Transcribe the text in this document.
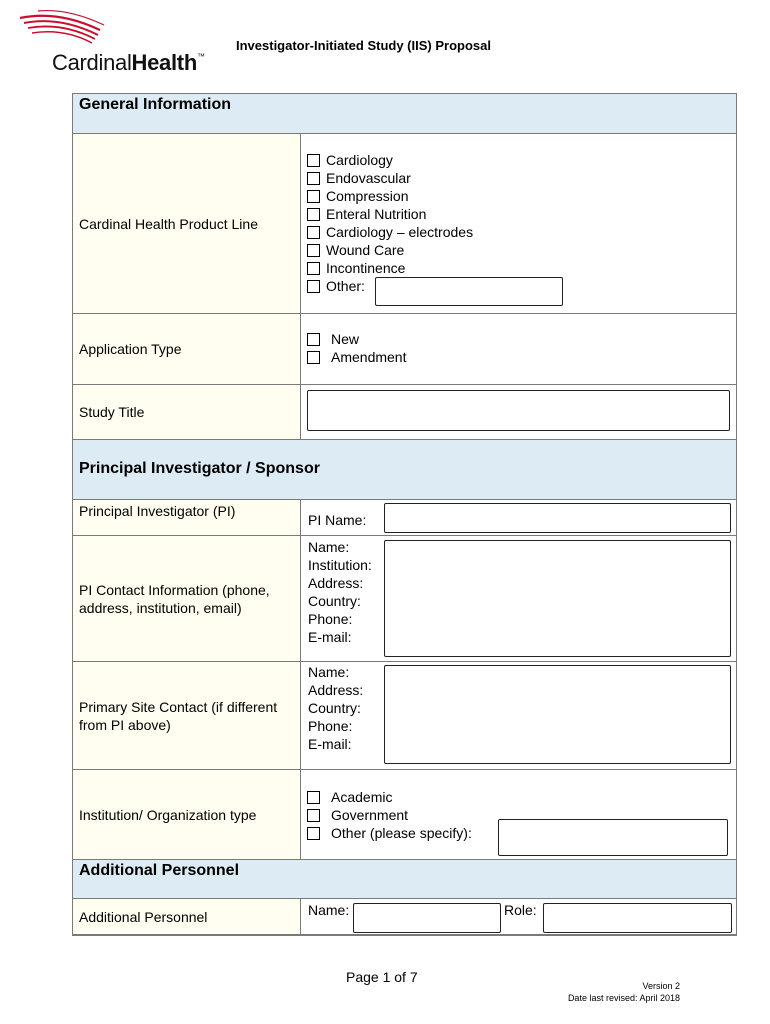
CardinalHealth™
Investigator-Initiated Study (IIS) Proposal
General Information
Cardinal Health Product Line
Cardiology
Endovascular
Compression
Enteral Nutrition
Cardiology – electrodes
Wound Care
Incontinence
Other:
Application Type
New
Amendment
Study Title
Principal Investigator / Sponsor
Principal Investigator (PI)
PI Name:
PI Contact Information (phone, address, institution, email)
Name:
Institution:
Address:
Country:
Phone:
E-mail:
Primary Site Contact (if different from PI above)
Name:
Address:
Country:
Phone:
E-mail:
Institution/ Organization type
Academic
Government
Other (please specify):
Additional Personnel
Additional Personnel	Name:	Role:
Page 1 of 7
Version 2
Date last revised: April 2018
